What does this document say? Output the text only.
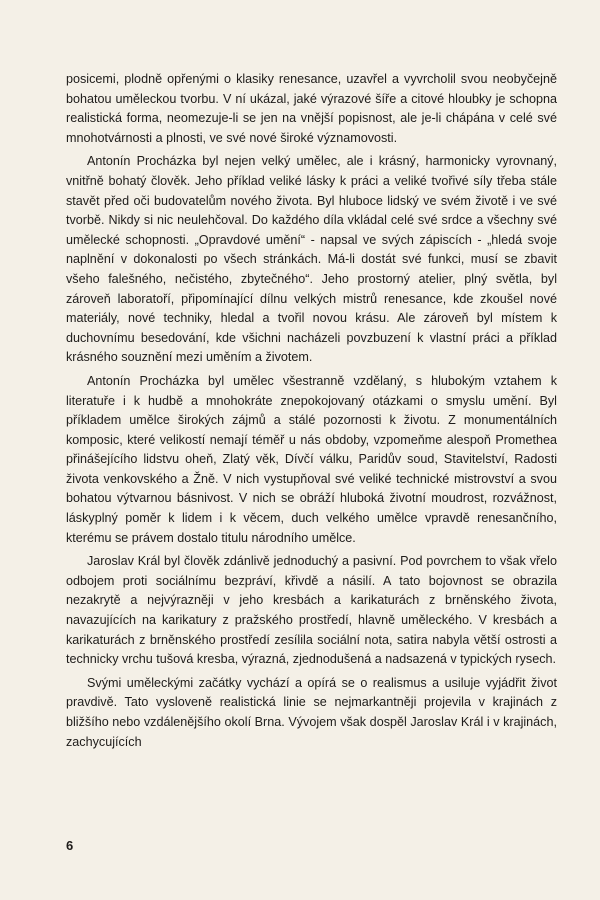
posicemi, plodně opřenými o klasiky renesance, uzavřel a vyvrcholil svou neobyčejně bohatou uměleckou tvorbu. V ní ukázal, jaké výrazové šíře a citové hloubky je schopna realistická forma, neomezuje-li se jen na vnější popisnost, ale je-li chápána v celé své mnohotvárnosti a plnosti, ve své nové široké významovosti.

Antonín Procházka byl nejen velký umělec, ale i krásný, harmonicky vyrovnaný, vnitřně bohatý člověk. Jeho příklad veliké lásky k práci a veliké tvořivé síly třeba stále stavět před oči budovatelům nového života. Byl hluboce lidský ve svém životě i ve své tvorbě. Nikdy si nic neulehčoval. Do každého díla vkládal celé své srdce a všechny své umělecké schopnosti. „Opravdové umění“ - napsal ve svých zápiscích - „hledá svoje naplnění v dokonalosti po všech stránkách. Má-li dostát své funkci, musí se zbavit všeho falešného, nečistého, zbytečného“. Jeho prostorný atelier, plný světla, byl zároveň laboratoří, připomínající dílnu velkých mistrů renesance, kde zkoušel nové materiály, nové techniky, hledal a tvořil novou krásu. Ale zároveň byl místem k duchovnímu besedování, kde všichni nacházeli povzbuzení k vlastní práci a příklad krásného souznění mezi uměním a životem.

Antonín Procházka byl umělec všestranně vzdělaný, s hlubokým vztahem k literatuře i k hudbě a mnohokráte znepokojovaný otázkami o smyslu umění. Byl příkladem umělce širokých zájmů a stálé pozornosti k životu. Z monumentálních komposic, které velikostí nemají téměř u nás obdoby, vzpomeňme alespoň Promethea přinášejícího lidstvu oheň, Zlatý věk, Dívčí válku, Paridův soud, Stavitelství, Radosti života venkovského a Žně. V nich vystupňoval své veliké technické mistrovství a svou bohatou výtvarnou básnivost. V nich se obráží hluboká životní moudrost, rozvážnost, láskyplný poměr k lidem i k věcem, duch velkého umělce vpravdě renesančního, kterému se právem dostalo titulu národního umělce.

Jaroslav Král byl člověk zdánlivě jednoduchý a pasivní. Pod povrchem to však vřelo odbojem proti sociálnímu bezpráví, křivdě a násilí. A tato bojovnost se obrazila nezakrytě a nejvýrazněji v jeho kresbách a karikaturách z brněnského života, navazujících na karikatury z pražského prostředí, hlavně uměleckého. V kresbách a karikaturách z brněnského prostředí zesílila sociální nota, satira nabyla větší ostrosti a technicky vrchu tušová kresba, výrazná, zjednodušená a nadsazená v typických rysech.

Svými uměleckými začátky vychází a opírá se o realismus a usiluje vyjádřit život pravdivě. Tato vysloveně realistická linie se nejmarkantněji projevila v krajinách z bližšího nebo vzdálenějšího okolí Brna. Vývojem však dospěl Jaroslav Král i v krajinách, zachycujících

6
